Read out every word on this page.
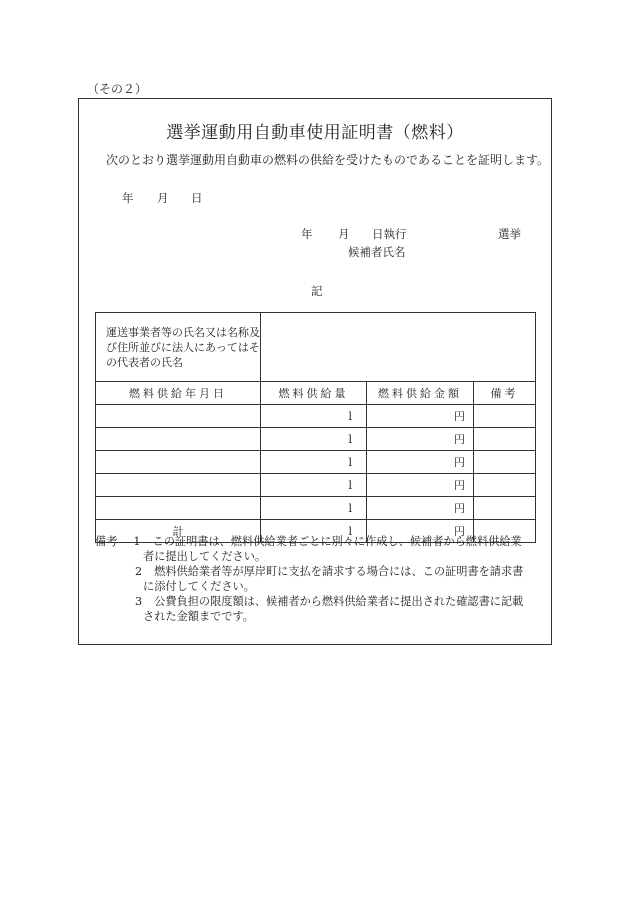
（その２）
選挙運動用自動車使用証明書（燃料）
次のとおり選挙運動用自動車の燃料の供給を受けたものであることを証明します。
年 月 日
年 月 日執行	選挙
候補者氏名
記
運送事業者等の氏名又は名称及び住所並びに法人にあってはその代表者の氏名			

燃料供給年月日	燃料供給量	燃料供給金額	備考
	l	円	
	l	円	
	l	円	
	l	円	
	l	円	
計	l	円	
備考 1 この証明書は、燃料供給業者ごとに別々に作成し、候補者から燃料供給業
者に提出してください。
2 燃料供給業者等が厚岸町に支払を請求する場合には、この証明書を請求書
に添付してください。
3 公費負担の限度額は、候補者から燃料供給業者に提出された確認書に記載
された金額までです。
